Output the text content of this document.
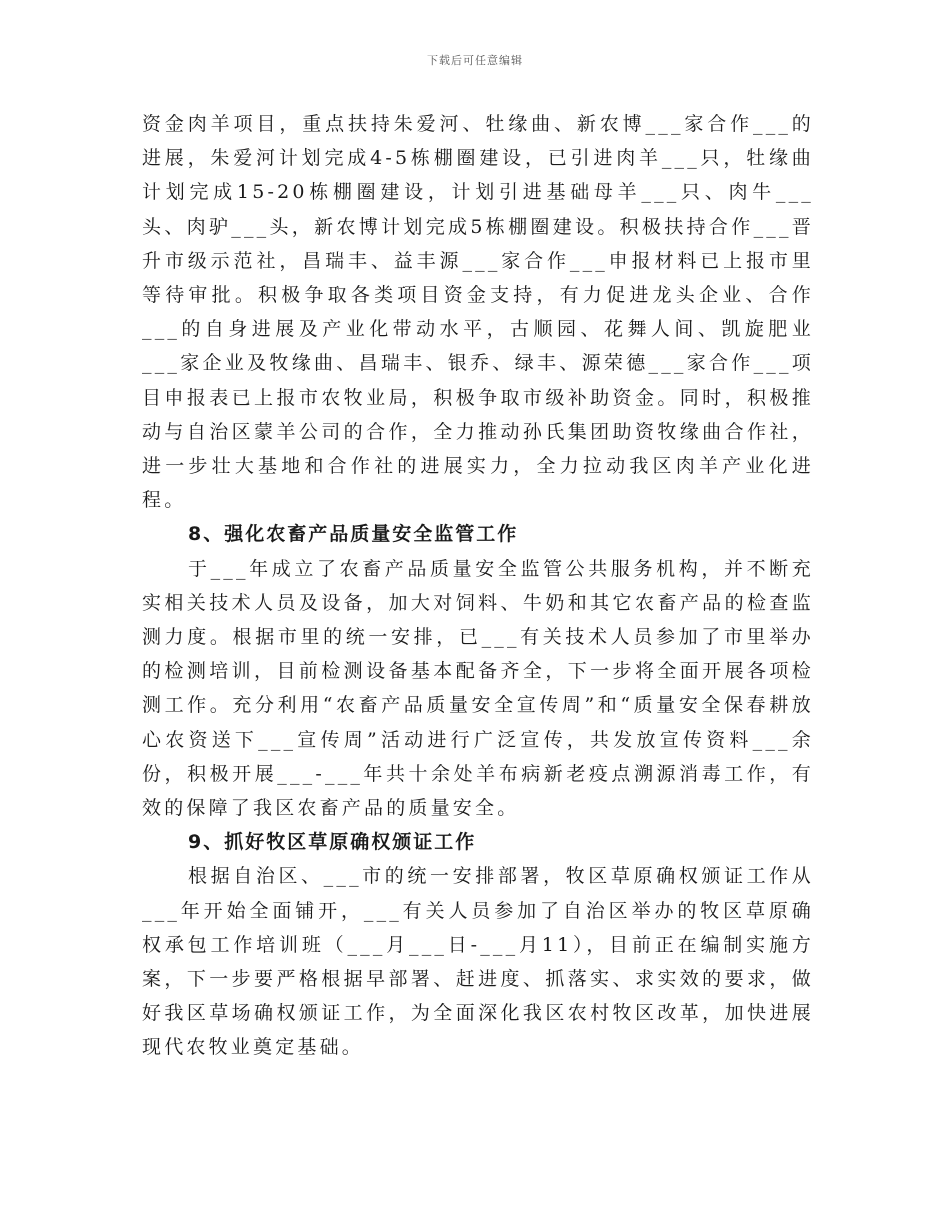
下载后可任意编辑

资金肉羊项目，重点扶持朱爱河、牡缘曲、新农博___家合作___的进展，朱爱河计划完成4-5栋棚圈建设，已引进肉羊___只，牡缘曲计划完成15-20栋棚圈建设，计划引进基础母羊___只、肉牛___头、肉驴___头，新农博计划完成5栋棚圈建设。积极扶持合作___晋升市级示范社，昌瑞丰、益丰源___家合作___申报材料已上报市里等待审批。积极争取各类项目资金支持，有力促进龙头企业、合作___的自身进展及产业化带动水平，古顺园、花舞人间、凯旋肥业___家企业及牧缘曲、昌瑞丰、银乔、绿丰、源荣德___家合作___项目申报表已上报市农牧业局，积极争取市级补助资金。同时，积极推动与自治区蒙羊公司的合作，全力推动孙氏集团助资牧缘曲合作社，进一步壮大基地和合作社的进展实力，全力拉动我区肉羊产业化进程。

8、强化农畜产品质量安全监管工作

于___年成立了农畜产品质量安全监管公共服务机构，并不断充实相关技术人员及设备，加大对饲料、牛奶和其它农畜产品的检查监测力度。根据市里的统一安排，已___有关技术人员参加了市里举办的检测培训，目前检测设备基本配备齐全，下一步将全面开展各项检测工作。充分利用“农畜产品质量安全宣传周”和“质量安全保春耕放心农资送下___宣传周”活动进行广泛宣传，共发放宣传资料___余份，积极开展___-___年共十余处羊布病新老疫点溯源消毒工作，有效的保障了我区农畜产品的质量安全。

9、抓好牧区草原确权颁证工作

根据自治区、___市的统一安排部署，牧区草原确权颁证工作从___年开始全面铺开，___有关人员参加了自治区举办的牧区草原确权承包工作培训班（___月___日-___月11），目前正在编制实施方案，下一步要严格根据早部署、赶进度、抓落实、求实效的要求，做好我区草场确权颁证工作，为全面深化我区农村牧区改革，加快进展现代农牧业奠定基础。
